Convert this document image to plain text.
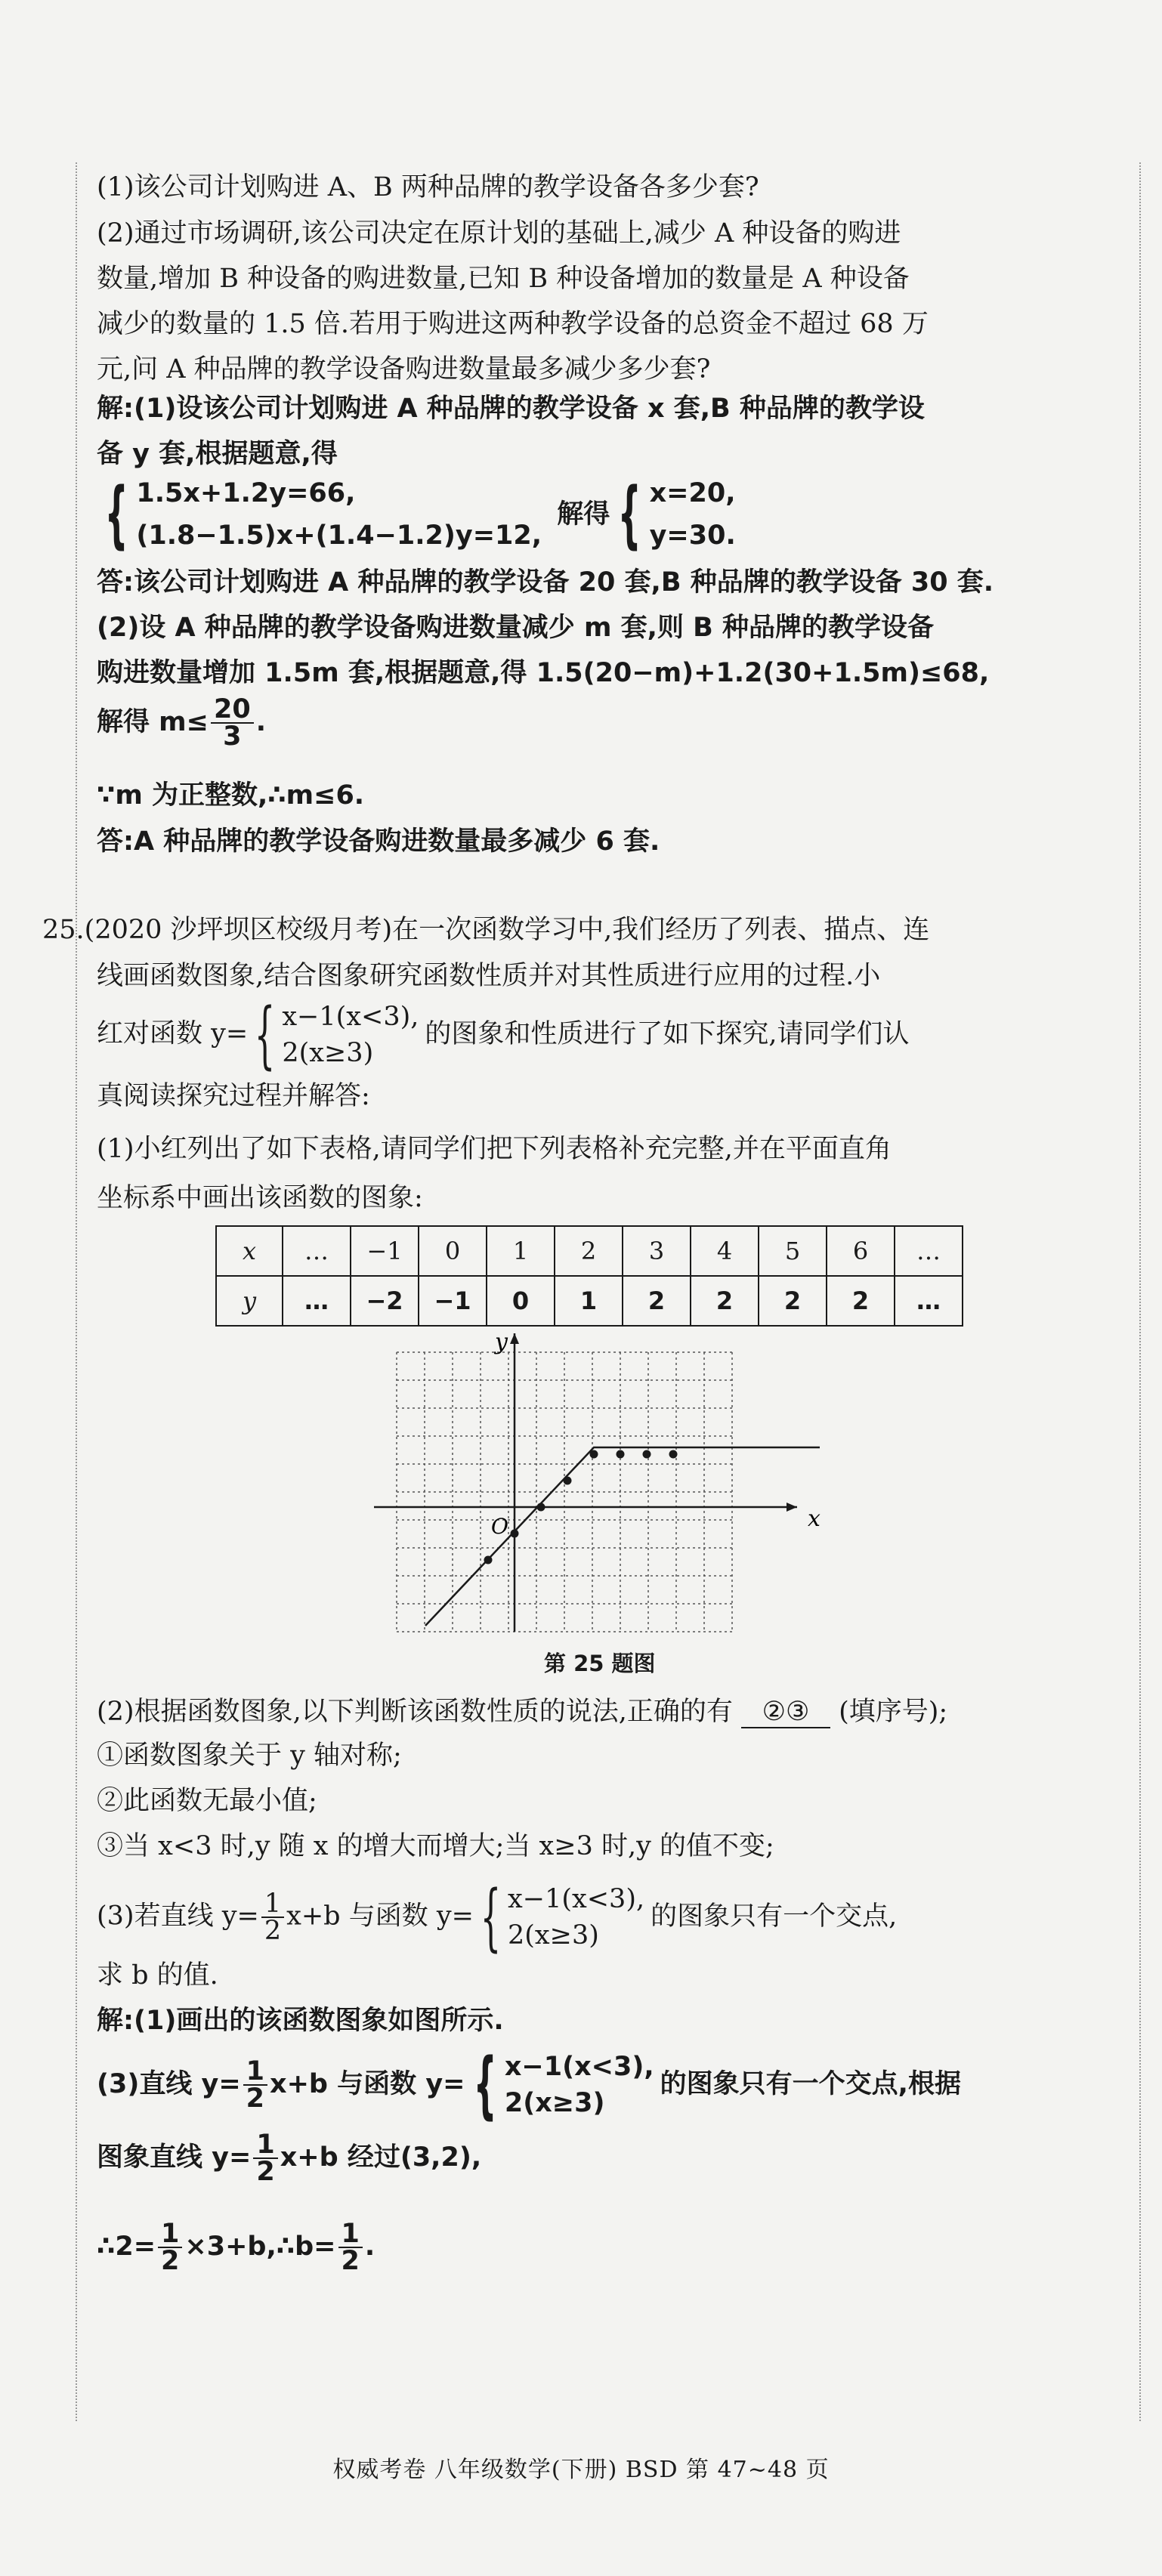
(1)该公司计划购进 A、B 两种品牌的教学设备各多少套?
(2)通过市场调研,该公司决定在原计划的基础上,减少 A 种设备的购进
数量,增加 B 种设备的购进数量,已知 B 种设备增加的数量是 A 种设备
减少的数量的 1.5 倍.若用于购进这两种教学设备的总资金不超过 68 万
元,问 A 种品牌的教学设备购进数量最多减少多少套?
解:(1)设该公司计划购进 A 种品牌的教学设备 x 套,B 种品牌的教学设
备 y 套,根据题意,得
{ 1.5x+1.2y=66,
(1.8−1.5)x+(1.4−1.2)y=12,
解得 { x=20,
y=30.
答:该公司计划购进 A 种品牌的教学设备 20 套,B 种品牌的教学设备 30 套.
(2)设 A 种品牌的教学设备购进数量减少 m 套,则 B 种品牌的教学设备
购进数量增加 1.5m 套,根据题意,得 1.5(20−m)+1.2(30+1.5m)≤68,
解得 $m\le \frac{20}{3}$ .
∵m 为正整数,∴m≤6.
答:A 种品牌的教学设备购进数量最多减少 6 套.
25.(2020 沙坪坝区校级月考)在一次函数学习中,我们经历了列表、描点、连
线画函数图象,结合图象研究函数性质并对其性质进行应用的过程.小
红对函数 y={ x−1(x<3),
2(x≥3)
的图象和性质进行了如下探究,请同学们认
真阅读探究过程并解答:
(1)小红列出了如下表格,请同学们把下列表格补充完整,并在平面直角
坐标系中画出该函数的图象:
x	…	−1	0	1	2	3	4	5	6	…
y	…	−2	−1	0	1	2	2	2	2	…
x
y
O
第 25 题图
(2)根据函数图象,以下判断该函数性质的说法,正确的有 ②③ (填序号);
①函数图象关于 y 轴对称;
②此函数无最小值;
③当 x<3 时,y 随 x 的增大而增大;当 x≥3 时,y 的值不变;
(3)若直线 $y= \frac{1}{2} x+b$ 与函数 y={ x−1(x<3),
2(x≥3)
的图象只有一个交点,
求 b 的值.
解:(1)画出的该函数图象如图所示.
(3)直线 $y= \frac{1}{2} x+b$ 与函数 y= { x−1(x<3),
2(x≥3)
的图象只有一个交点,根据
图象直线 $y= \frac{1}{2} x+b$ 经过(3,2),
∴2= $\frac{1}{2}$ ×3+b,∴b= $\frac{1}{2}$ .
权威考卷 八年级数学(下册) BSD 第 47~48 页
